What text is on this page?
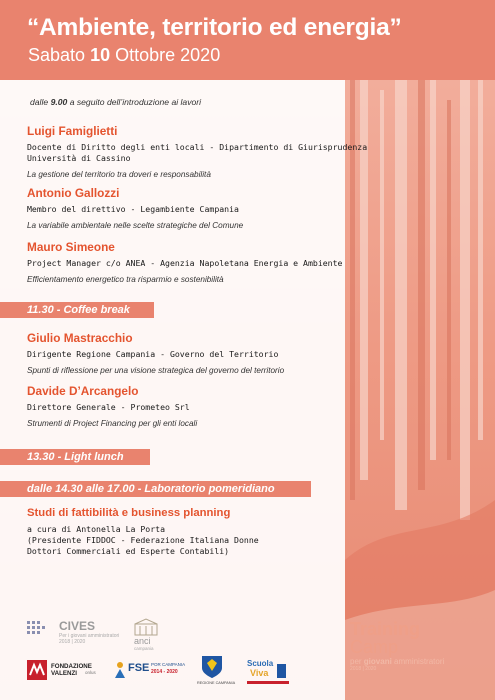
“Ambiente, territorio ed energia”
Sabato 10 Ottobre 2020
dalle 9.00 a seguito dell’introduzione ai lavori
Luigi Famiglietti
Docente di Diritto degli enti locali - Dipartimento di Giurisprudenza
Università di Cassino
La gestione del territorio tra doveri e responsabilità
Antonio Gallozzi
Membro del direttivo - Legambiente Campania
La variabile ambientale nelle scelte strategiche del Comune
Mauro Simeone
Project Manager c/o ANEA - Agenzia Napoletana Energia e Ambiente
Efficientamento energetico tra risparmio e sostenibilità
11.30 - Coffee break
Giulio Mastracchio
Dirigente Regione Campania - Governo del Territorio
Spunti di riflessione per una visione strategica del governo del territorio
Davide D’Arcangelo
Direttore Generale - Prometeo Srl
Strumenti di Project Financing per gli enti locali
13.30 - Light lunch
dalle 14.30 alle 17.00 - Laboratorio pomeridiano
Studi di fattibilità e business planning
a cura di Antonella La Porta
(Presidente FIDDOC - Federazione Italiana Donne
Dottori Commerciali ed Esperte Contabili)
CIVES
Per i giovani amministratori
2018 | 2020	anci
campania
FONDAZIONE VALENZI	onlus	FSE POR CAMPANIA
2014 - 2020
REGIONE CAMPANIA
Scuola
Viva
Training
Camp
per giovani amministratori
2018 | 2020
